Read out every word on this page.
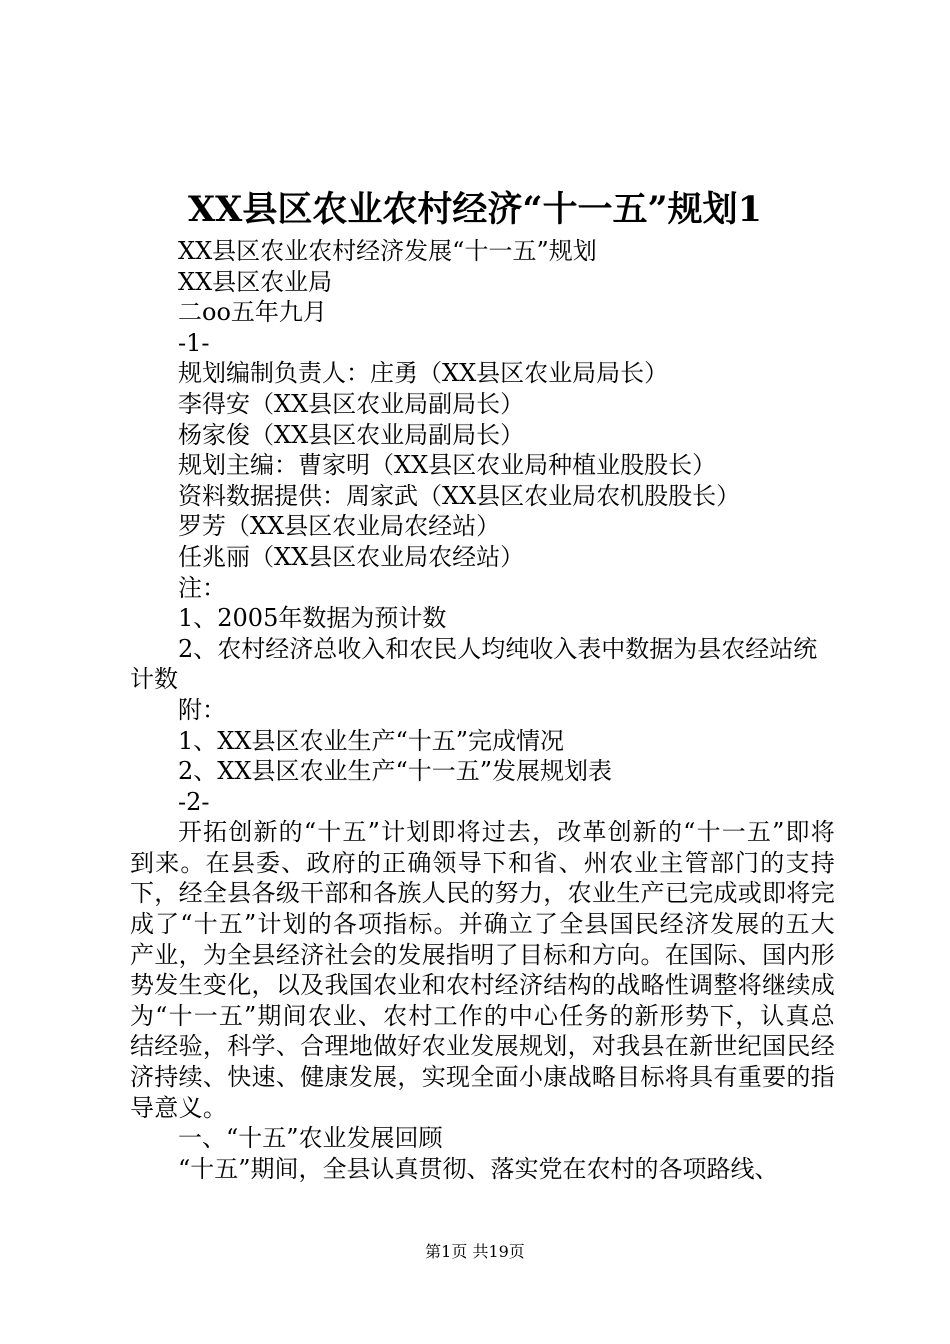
XX县区农业农村经济“十一五”规划1

XX县区农业农村经济发展“十一五”规划

XX县区农业局

二oo五年九月

-1-

规划编制负责人：庄勇（XX县区农业局局长）

李得安（XX县区农业局副局长）

杨家俊（XX县区农业局副局长）

规划主编：曹家明（XX县区农业局种植业股股长）

资料数据提供：周家武（XX县区农业局农机股股长）

罗芳（XX县区农业局农经站）

任兆丽（XX县区农业局农经站）

注：

1、2005年数据为预计数

2、农村经济总收入和农民人均纯收入表中数据为县农经站统计数

附：

1、XX县区农业生产“十五”完成情况

2、XX县区农业生产“十一五”发展规划表

-2-

开拓创新的“十五”计划即将过去，改革创新的“十一五”即将到来。在县委、政府的正确领导下和省、州农业主管部门的支持下，经全县各级干部和各族人民的努力，农业生产已完成或即将完成了“十五”计划的各项指标。并确立了全县国民经济发展的五大产业，为全县经济社会的发展指明了目标和方向。在国际、国内形势发生变化，以及我国农业和农村经济结构的战略性调整将继续成为“十一五”期间农业、农村工作的中心任务的新形势下，认真总结经验，科学、合理地做好农业发展规划，对我县在新世纪国民经济持续、快速、健康发展，实现全面小康战略目标将具有重要的指导意义。

一、“十五”农业发展回顾

“十五”期间，全县认真贯彻、落实党在农村的各项路线、

第1页 共19页
